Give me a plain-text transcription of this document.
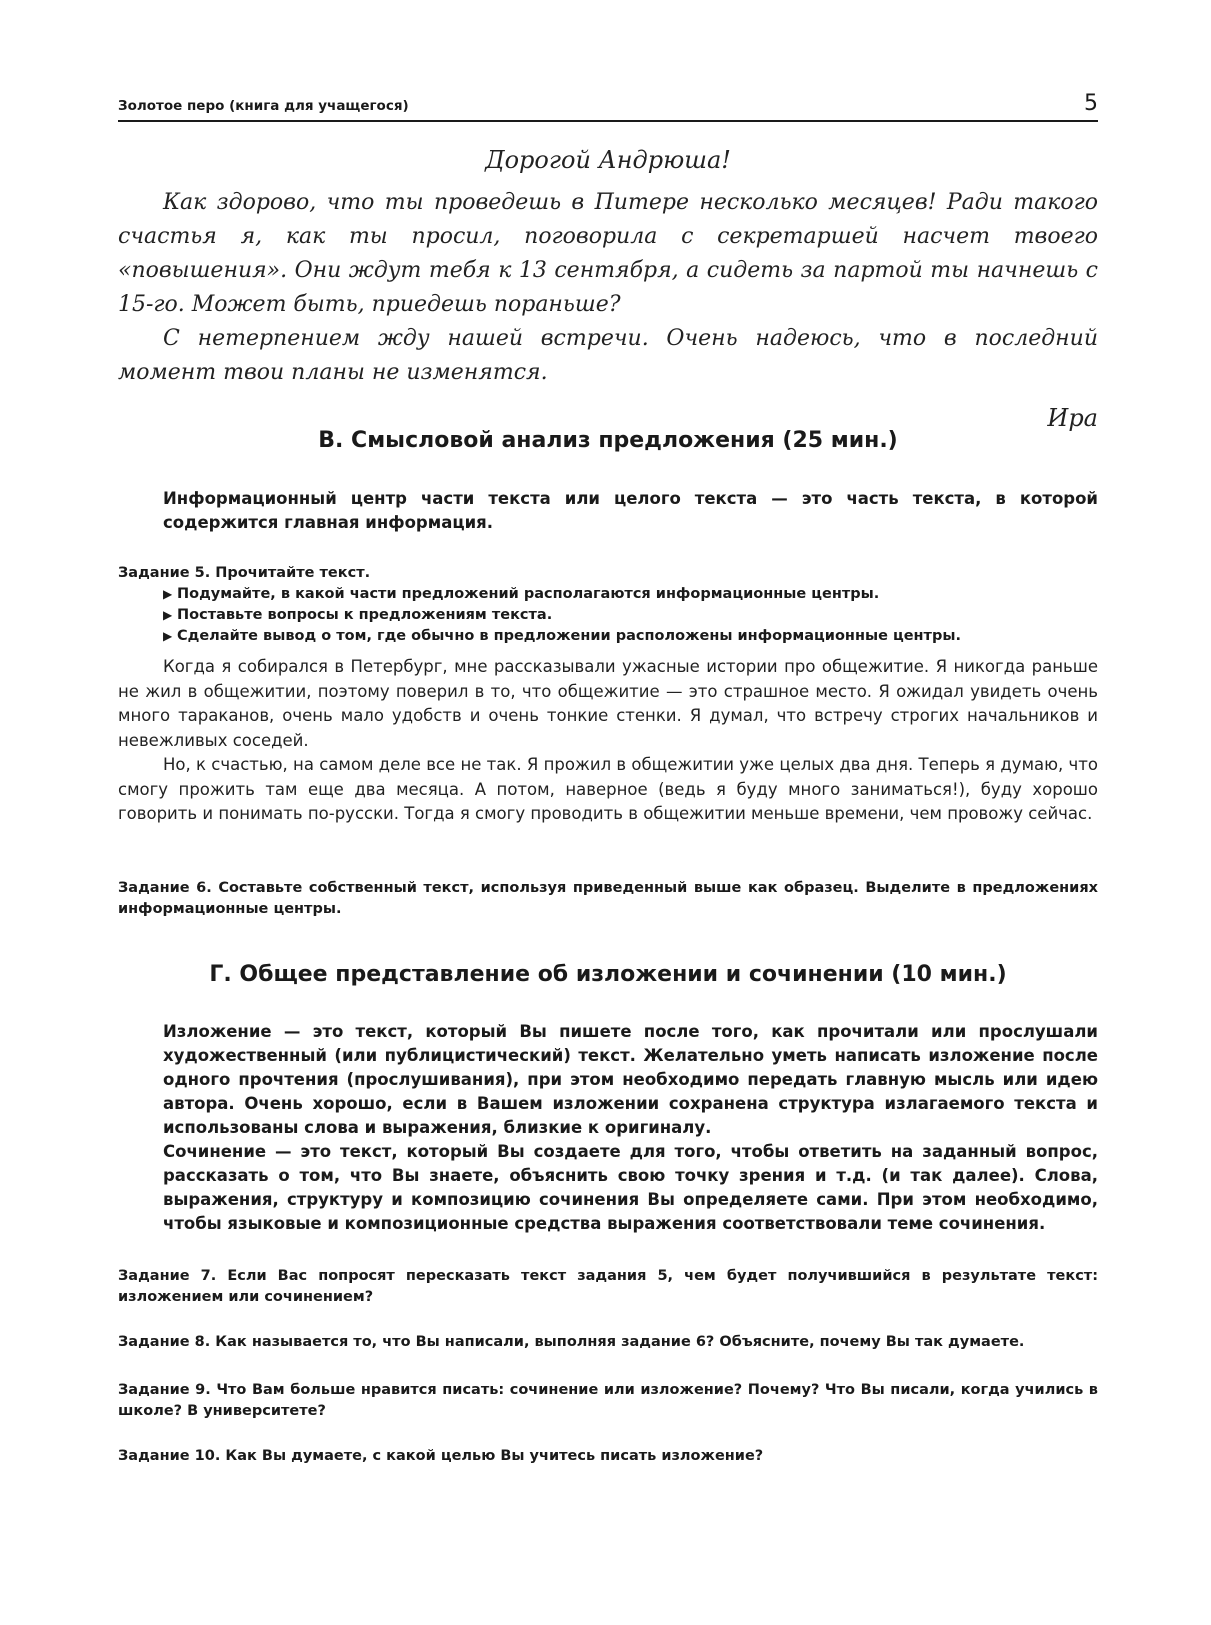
Золотое перо (книга для учащегося)	5
Дорогой Андрюша!

Как здорово, что ты проведешь в Питере несколько месяцев! Ради такого счастья я, как ты просил, поговорила с секретаршей насчет твоего «повышения». Они ждут тебя к 13 сентября, а сидеть за партой ты начнешь с 15-го. Может быть, приедешь пораньше?

С нетерпением жду нашей встречи. Очень надеюсь, что в последний момент твои планы не изменятся.

Ира
В. Смысловой анализ предложения (25 мин.)

Информационный центр части текста или целого текста — это часть текста, в которой содержится главная информация.

Задание 5. Прочитайте текст.

▶ Подумайте, в какой части предложений располагаются информационные центры.
▶ Поставьте вопросы к предложениям текста.
▶ Сделайте вывод о том, где обычно в предложении расположены информационные центры.

Когда я собирался в Петербург, мне рассказывали ужасные истории про общежитие. Я никогда раньше не жил в общежитии, поэтому поверил в то, что общежитие — это страшное место. Я ожидал увидеть очень много тараканов, очень мало удобств и очень тонкие стенки. Я думал, что встречу строгих начальников и невежливых соседей.

Но, к счастью, на самом деле все не так. Я прожил в общежитии уже целых два дня. Теперь я думаю, что смогу прожить там еще два месяца. А потом, наверное (ведь я буду много заниматься!), буду хорошо говорить и понимать по-русски. Тогда я смогу проводить в общежитии меньше времени, чем провожу сейчас.

Задание 6. Составьте собственный текст, используя приведенный выше как образец. Выделите в предложениях информационные центры.

Г. Общее представление об изложении и сочинении (10 мин.)

Изложение — это текст, который Вы пишете после того, как прочитали или прослушали художественный (или публицистический) текст. Желательно уметь написать изложение после одного прочтения (прослушивания), при этом необходимо передать главную мысль или идею автора. Очень хорошо, если в Вашем изложении сохранена структура излагаемого текста и использованы слова и выражения, близкие к оригиналу.

Сочинение — это текст, который Вы создаете для того, чтобы ответить на заданный вопрос, рассказать о том, что Вы знаете, объяснить свою точку зрения и т.д. (и так далее). Слова, выражения, структуру и композицию сочинения Вы определяете сами. При этом необходимо, чтобы языковые и композиционные средства выражения соответствовали теме сочинения.

Задание 7. Если Вас попросят пересказать текст задания 5, чем будет получившийся в результате текст: изложением или сочинением?

Задание 8. Как называется то, что Вы написали, выполняя задание 6? Объясните, почему Вы так думаете.

Задание 9. Что Вам больше нравится писать: сочинение или изложение? Почему? Что Вы писали, когда учились в школе? В университете?

Задание 10. Как Вы думаете, с какой целью Вы учитесь писать изложение?
